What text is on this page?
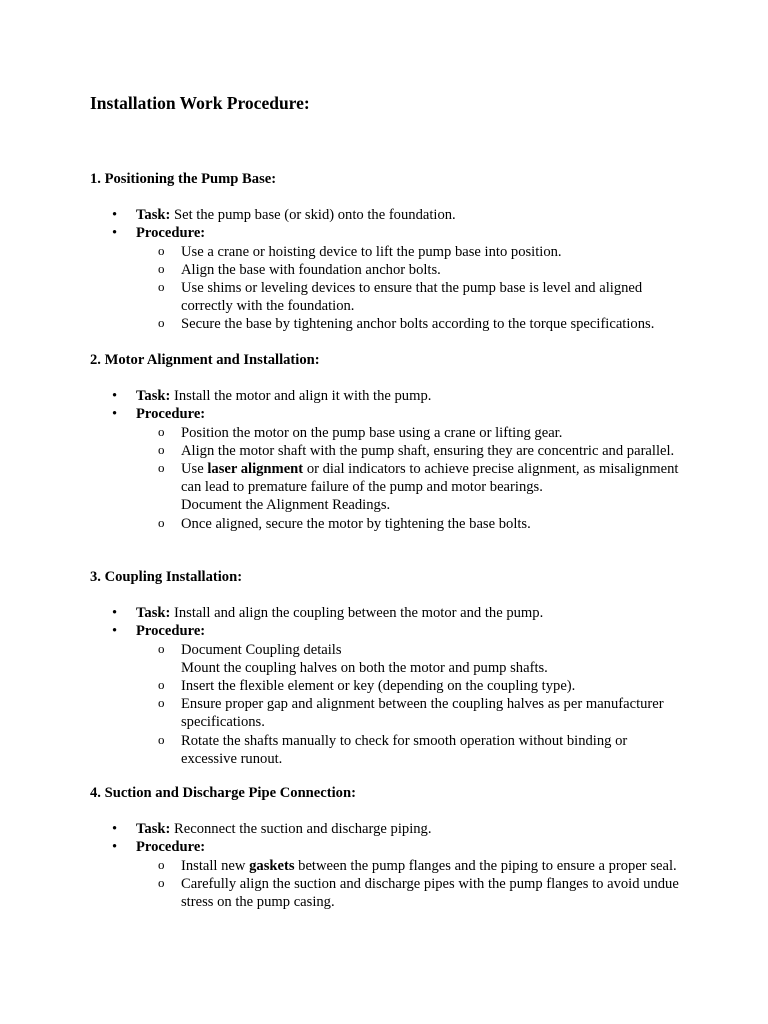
Installation Work Procedure:

1. Positioning the Pump Base:

• Task: Set the pump base (or skid) onto the foundation.
• Procedure:
o Use a crane or hoisting device to lift the pump base into position.
o Align the base with foundation anchor bolts.
o Use shims or leveling devices to ensure that the pump base is level and aligned correctly with the foundation.
o Secure the base by tightening anchor bolts according to the torque specifications.

2. Motor Alignment and Installation:

• Task: Install the motor and align it with the pump.
• Procedure:
o Position the motor on the pump base using a crane or lifting gear.
o Align the motor shaft with the pump shaft, ensuring they are concentric and parallel.
o Use laser alignment or dial indicators to achieve precise alignment, as misalignment can lead to premature failure of the pump and motor bearings.
Document the Alignment Readings.
o Once aligned, secure the motor by tightening the base bolts.

3. Coupling Installation:

• Task: Install and align the coupling between the motor and the pump.
• Procedure:
o Document Coupling details
Mount the coupling halves on both the motor and pump shafts.
o Insert the flexible element or key (depending on the coupling type).
o Ensure proper gap and alignment between the coupling halves as per manufacturer specifications.
o Rotate the shafts manually to check for smooth operation without binding or excessive runout.

4. Suction and Discharge Pipe Connection:

• Task: Reconnect the suction and discharge piping.
• Procedure:
o Install new gaskets between the pump flanges and the piping to ensure a proper seal.
o Carefully align the suction and discharge pipes with the pump flanges to avoid undue stress on the pump casing.
